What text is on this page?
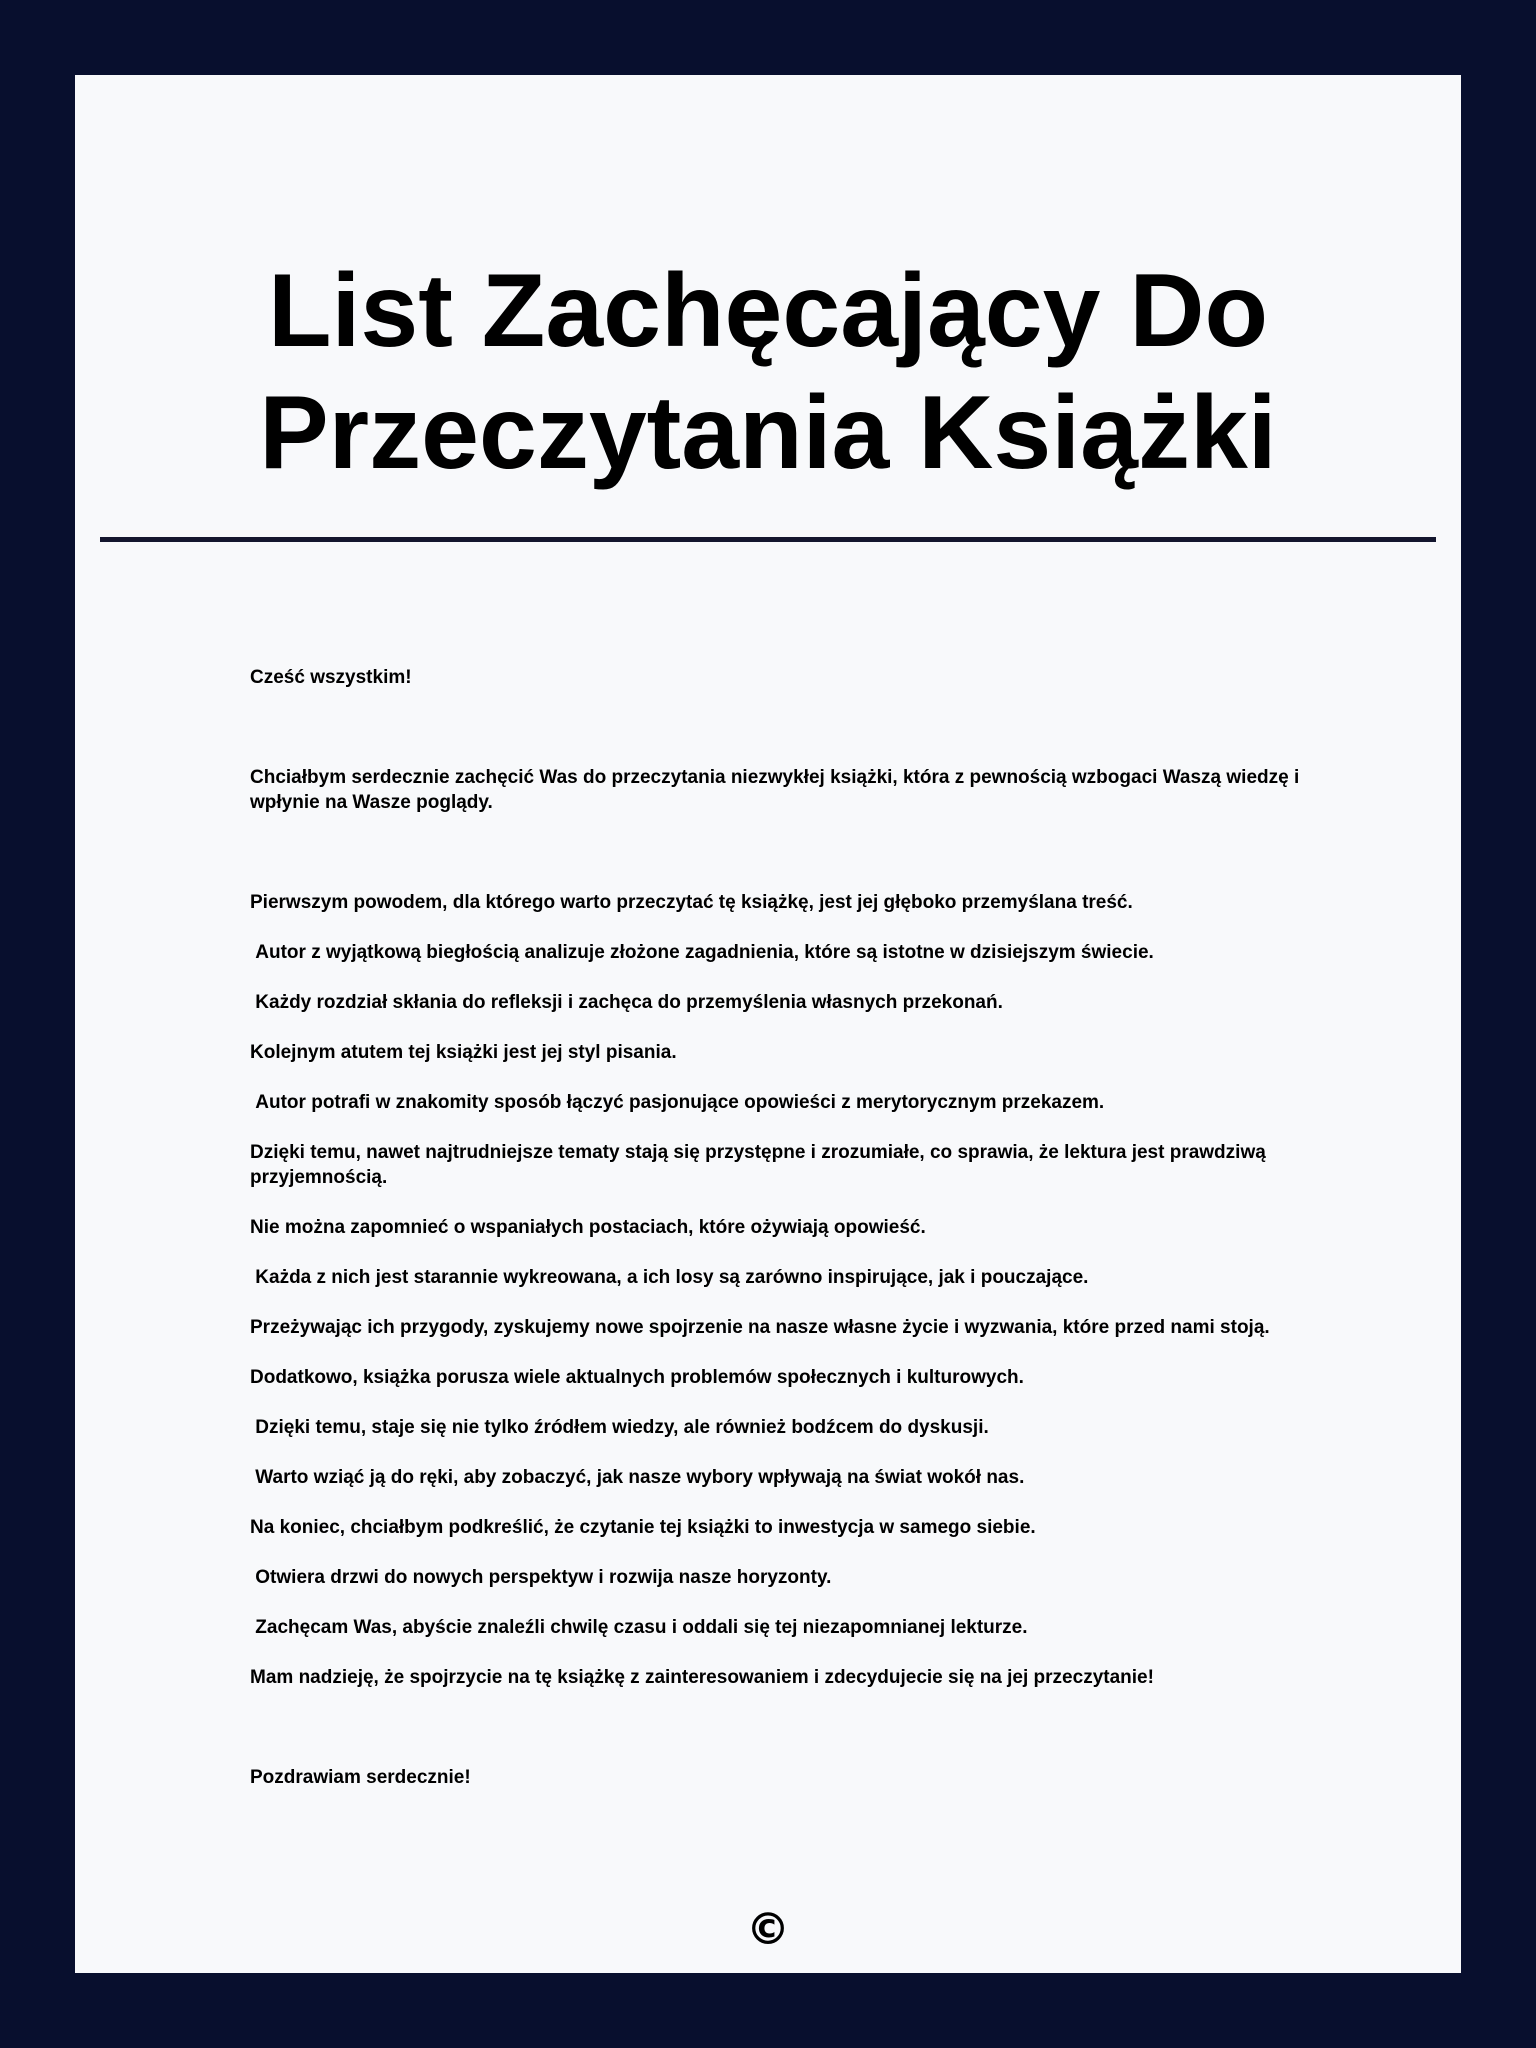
List Zachęcający Do Przeczytania Książki

Cześć wszystkim!

Chciałbym serdecznie zachęcić Was do przeczytania niezwykłej książki, która z pewnością wzbogaci Waszą wiedzę i wpłynie na Wasze poglądy.

Pierwszym powodem, dla którego warto przeczytać tę książkę, jest jej głęboko przemyślana treść.

Autor z wyjątkową biegłością analizuje złożone zagadnienia, które są istotne w dzisiejszym świecie.

Każdy rozdział skłania do refleksji i zachęca do przemyślenia własnych przekonań.

Kolejnym atutem tej książki jest jej styl pisania.

Autor potrafi w znakomity sposób łączyć pasjonujące opowieści z merytorycznym przekazem.

Dzięki temu, nawet najtrudniejsze tematy stają się przystępne i zrozumiałe, co sprawia, że lektura jest prawdziwą przyjemnością.

Nie można zapomnieć o wspaniałych postaciach, które ożywiają opowieść.

Każda z nich jest starannie wykreowana, a ich losy są zarówno inspirujące, jak i pouczające.

Przeżywając ich przygody, zyskujemy nowe spojrzenie na nasze własne życie i wyzwania, które przed nami stoją.

Dodatkowo, książka porusza wiele aktualnych problemów społecznych i kulturowych.

Dzięki temu, staje się nie tylko źródłem wiedzy, ale również bodźcem do dyskusji.

Warto wziąć ją do ręki, aby zobaczyć, jak nasze wybory wpływają na świat wokół nas.

Na koniec, chciałbym podkreślić, że czytanie tej książki to inwestycja w samego siebie.

Otwiera drzwi do nowych perspektyw i rozwija nasze horyzonty.

Zachęcam Was, abyście znaleźli chwilę czasu i oddali się tej niezapomnianej lekturze.

Mam nadzieję, że spojrzycie na tę książkę z zainteresowaniem i zdecydujecie się na jej przeczytanie!

Pozdrawiam serdecznie!

©
